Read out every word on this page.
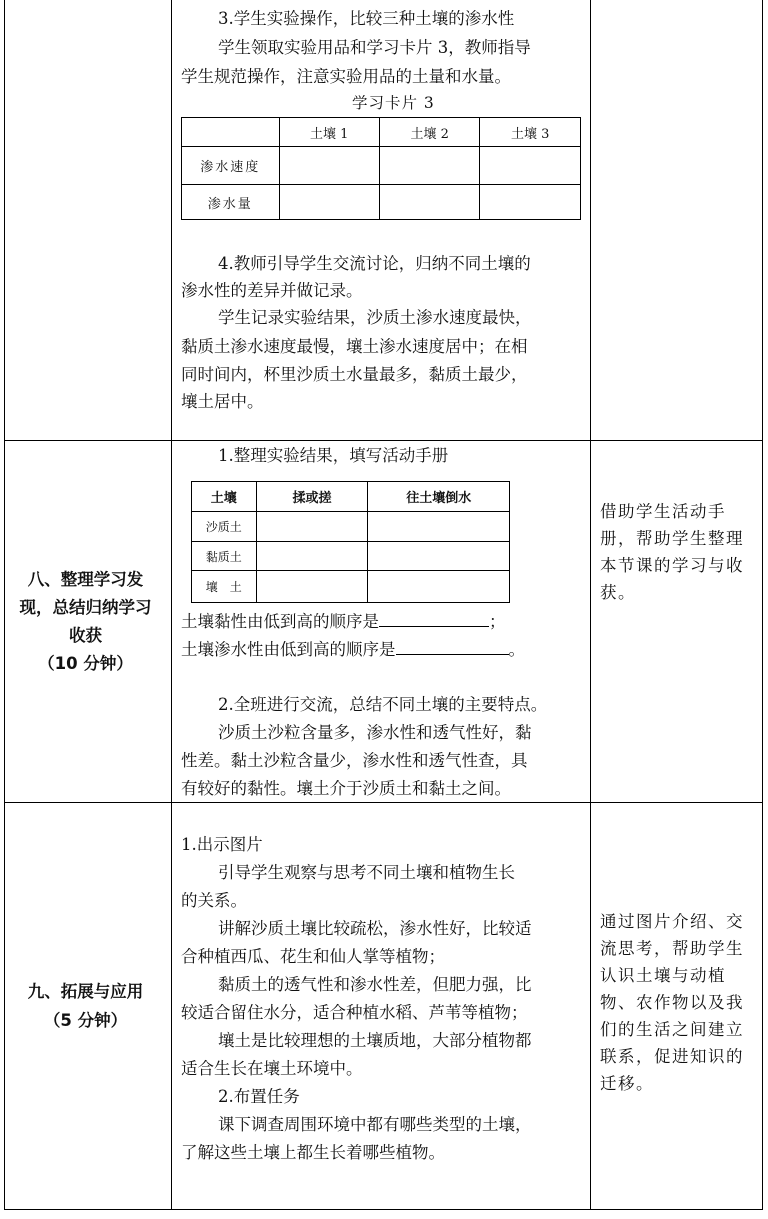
3.学生实验操作，比较三种土壤的渗水性
学生领取实验用品和学习卡片 3，教师指导
学生规范操作，注意实验用品的土量和水量。
学习卡片 3
	土壤 1	土壤 2	土壤 3
渗水速度			
渗水量			
4.教师引导学生交流讨论，归纳不同土壤的
渗水性的差异并做记录。
学生记录实验结果，沙质土渗水速度最快，
黏质土渗水速度最慢，壤土渗水速度居中；在相
同时间内，杯里沙质土水量最多，黏质土最少，
壤土居中。
八、整理学习发
现，总结归纳学习
收获
（10 分钟）
1.整理实验结果，填写活动手册
土壤	揉或搓	往土壤倒水
沙质土		
黏质土		
壤　土		
土壤黏性由低到高的顺序是	；
土壤渗水性由低到高的顺序是	。
2.全班进行交流，总结不同土壤的主要特点。
沙质土沙粒含量多，渗水性和透气性好，黏
性差。黏土沙粒含量少，渗水性和透气性查，具
有较好的黏性。壤土介于沙质土和黏土之间。
借助学生活动手
册，帮助学生整理
本节课的学习与收
获。
九、拓展与应用
（5 分钟）
1.出示图片
引导学生观察与思考不同土壤和植物生长
的关系。
讲解沙质土壤比较疏松，渗水性好，比较适
合种植西瓜、花生和仙人掌等植物；
黏质土的透气性和渗水性差，但肥力强，比
较适合留住水分，适合种植水稻、芦苇等植物；
壤土是比较理想的土壤质地，大部分植物都
适合生长在壤土环境中。
2.布置任务
课下调查周围环境中都有哪些类型的土壤，
了解这些土壤上都生长着哪些植物。
通过图片介绍、交
流思考，帮助学生
认识土壤与动植
物、农作物以及我
们的生活之间建立
联系，促进知识的
迁移。
